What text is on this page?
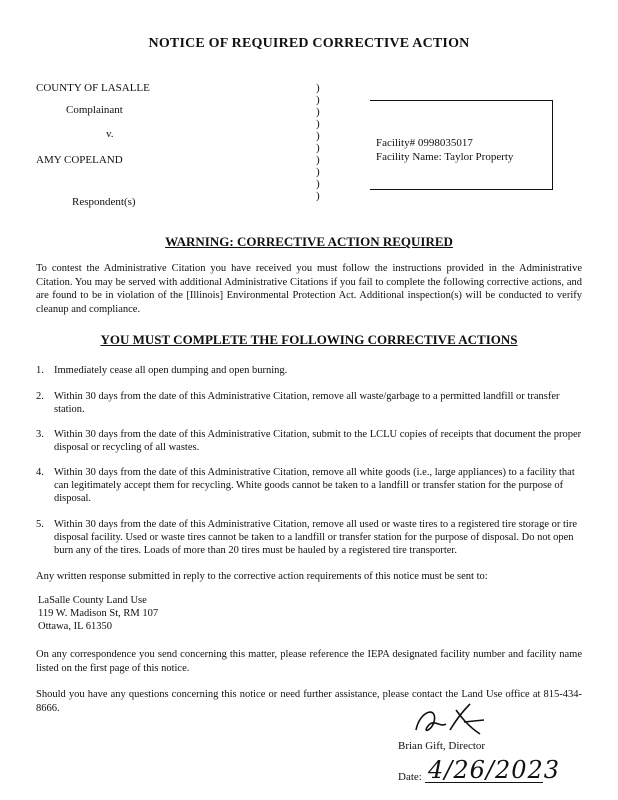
NOTICE OF REQUIRED CORRECTIVE ACTION
COUNTY OF LASALLE
Complainant
v.
AMY COPELAND
Respondent(s)
)
)
)
)
)
)
)
)
)
)
Facility# 0998035017
Facility Name: Taylor Property
WARNING: CORRECTIVE ACTION REQUIRED
To contest the Administrative Citation you have received you must follow the instructions provided in the Administrative Citation. You may be served with additional Administrative Citations if you fail to complete the following corrective actions, and are found to be in violation of the [Illinois] Environmental Protection Act. Additional inspection(s) will be conducted to verify cleanup and compliance.
YOU MUST COMPLETE THE FOLLOWING CORRECTIVE ACTIONS
1. Immediately cease all open dumping and open burning.
2. Within 30 days from the date of this Administrative Citation, remove all waste/garbage to a permitted landfill or transfer station.
3. Within 30 days from the date of this Administrative Citation, submit to the LCLU copies of receipts that document the proper disposal or recycling of all wastes.
4. Within 30 days from the date of this Administrative Citation, remove all white goods (i.e., large appliances) to a facility that can legitimately accept them for recycling. White goods cannot be taken to a landfill or transfer station for the purpose of disposal.
5. Within 30 days from the date of this Administrative Citation, remove all used or waste tires to a registered tire storage or tire disposal facility. Used or waste tires cannot be taken to a landfill or transfer station for the purpose of disposal. Do not open burn any of the tires. Loads of more than 20 tires must be hauled by a registered tire transporter.
Any written response submitted in reply to the corrective action requirements of this notice must be sent to:
LaSalle County Land Use
119 W. Madison St, RM 107
Ottawa, IL 61350
On any correspondence you send concerning this matter, please reference the IEPA designated facility number and facility name listed on the first page of this notice.
Should you have any questions concerning this notice or need further assistance, please contact the Land Use office at 815-434-8666.
Brian Gift, Director
Date: 4/26/2023
